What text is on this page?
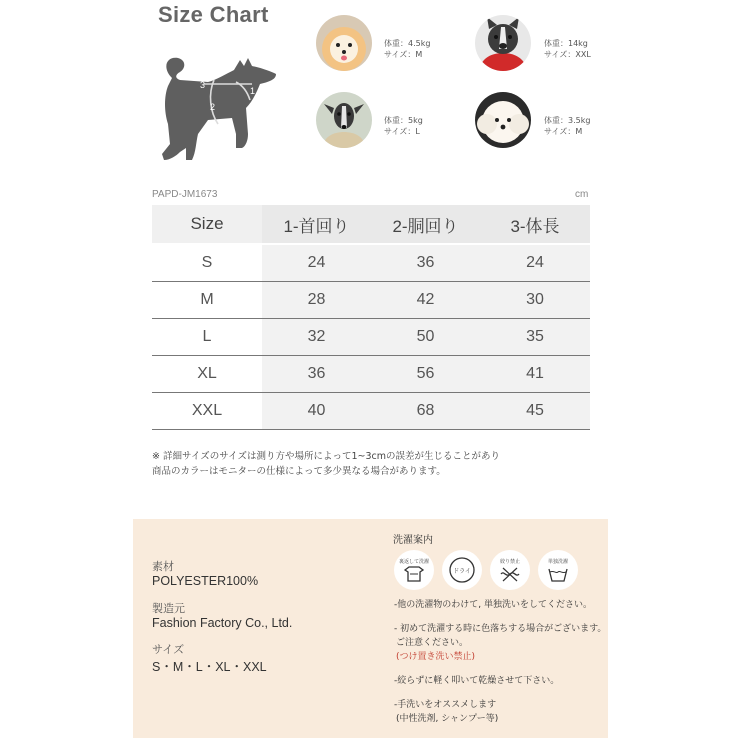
Size Chart
3
2
1
体重：4.5kg
サイズ：M
体重：14kg
サイズ：XXL
体重：5kg
サイズ：L
体重：3.5kg
サイズ：M
PAPD-JM1673	cm
Size	1-首回り	2-胴回り	3-体長
S	24	36	24
M	28	42	30
L	32	50	35
XL	36	56	41
XXL	40	68	45
※ 詳細サイズのサイズは測り方や場所によって1~3cmの誤差が生じることがあり
商品のカラーはモニターの仕様によって多少異なる場合があります。
素材
POLYESTER100%
製造元
Fashion Factory Co., Ltd.
サイズ
S・M・L・XL・XXL
洗濯案内
裏返して洗濯
ドライ
絞り禁止	単独洗濯
-他の洗濯物のわけて, 単独洗いをしてください。
- 初めて洗濯する時に色落ちする場合がございます。
ご注意ください。
(つけ置き洗い禁止)
-絞らずに軽く叩いて乾燥させて下さい。
-手洗いをオススメします
(中性洗剤, シャンプー等)
